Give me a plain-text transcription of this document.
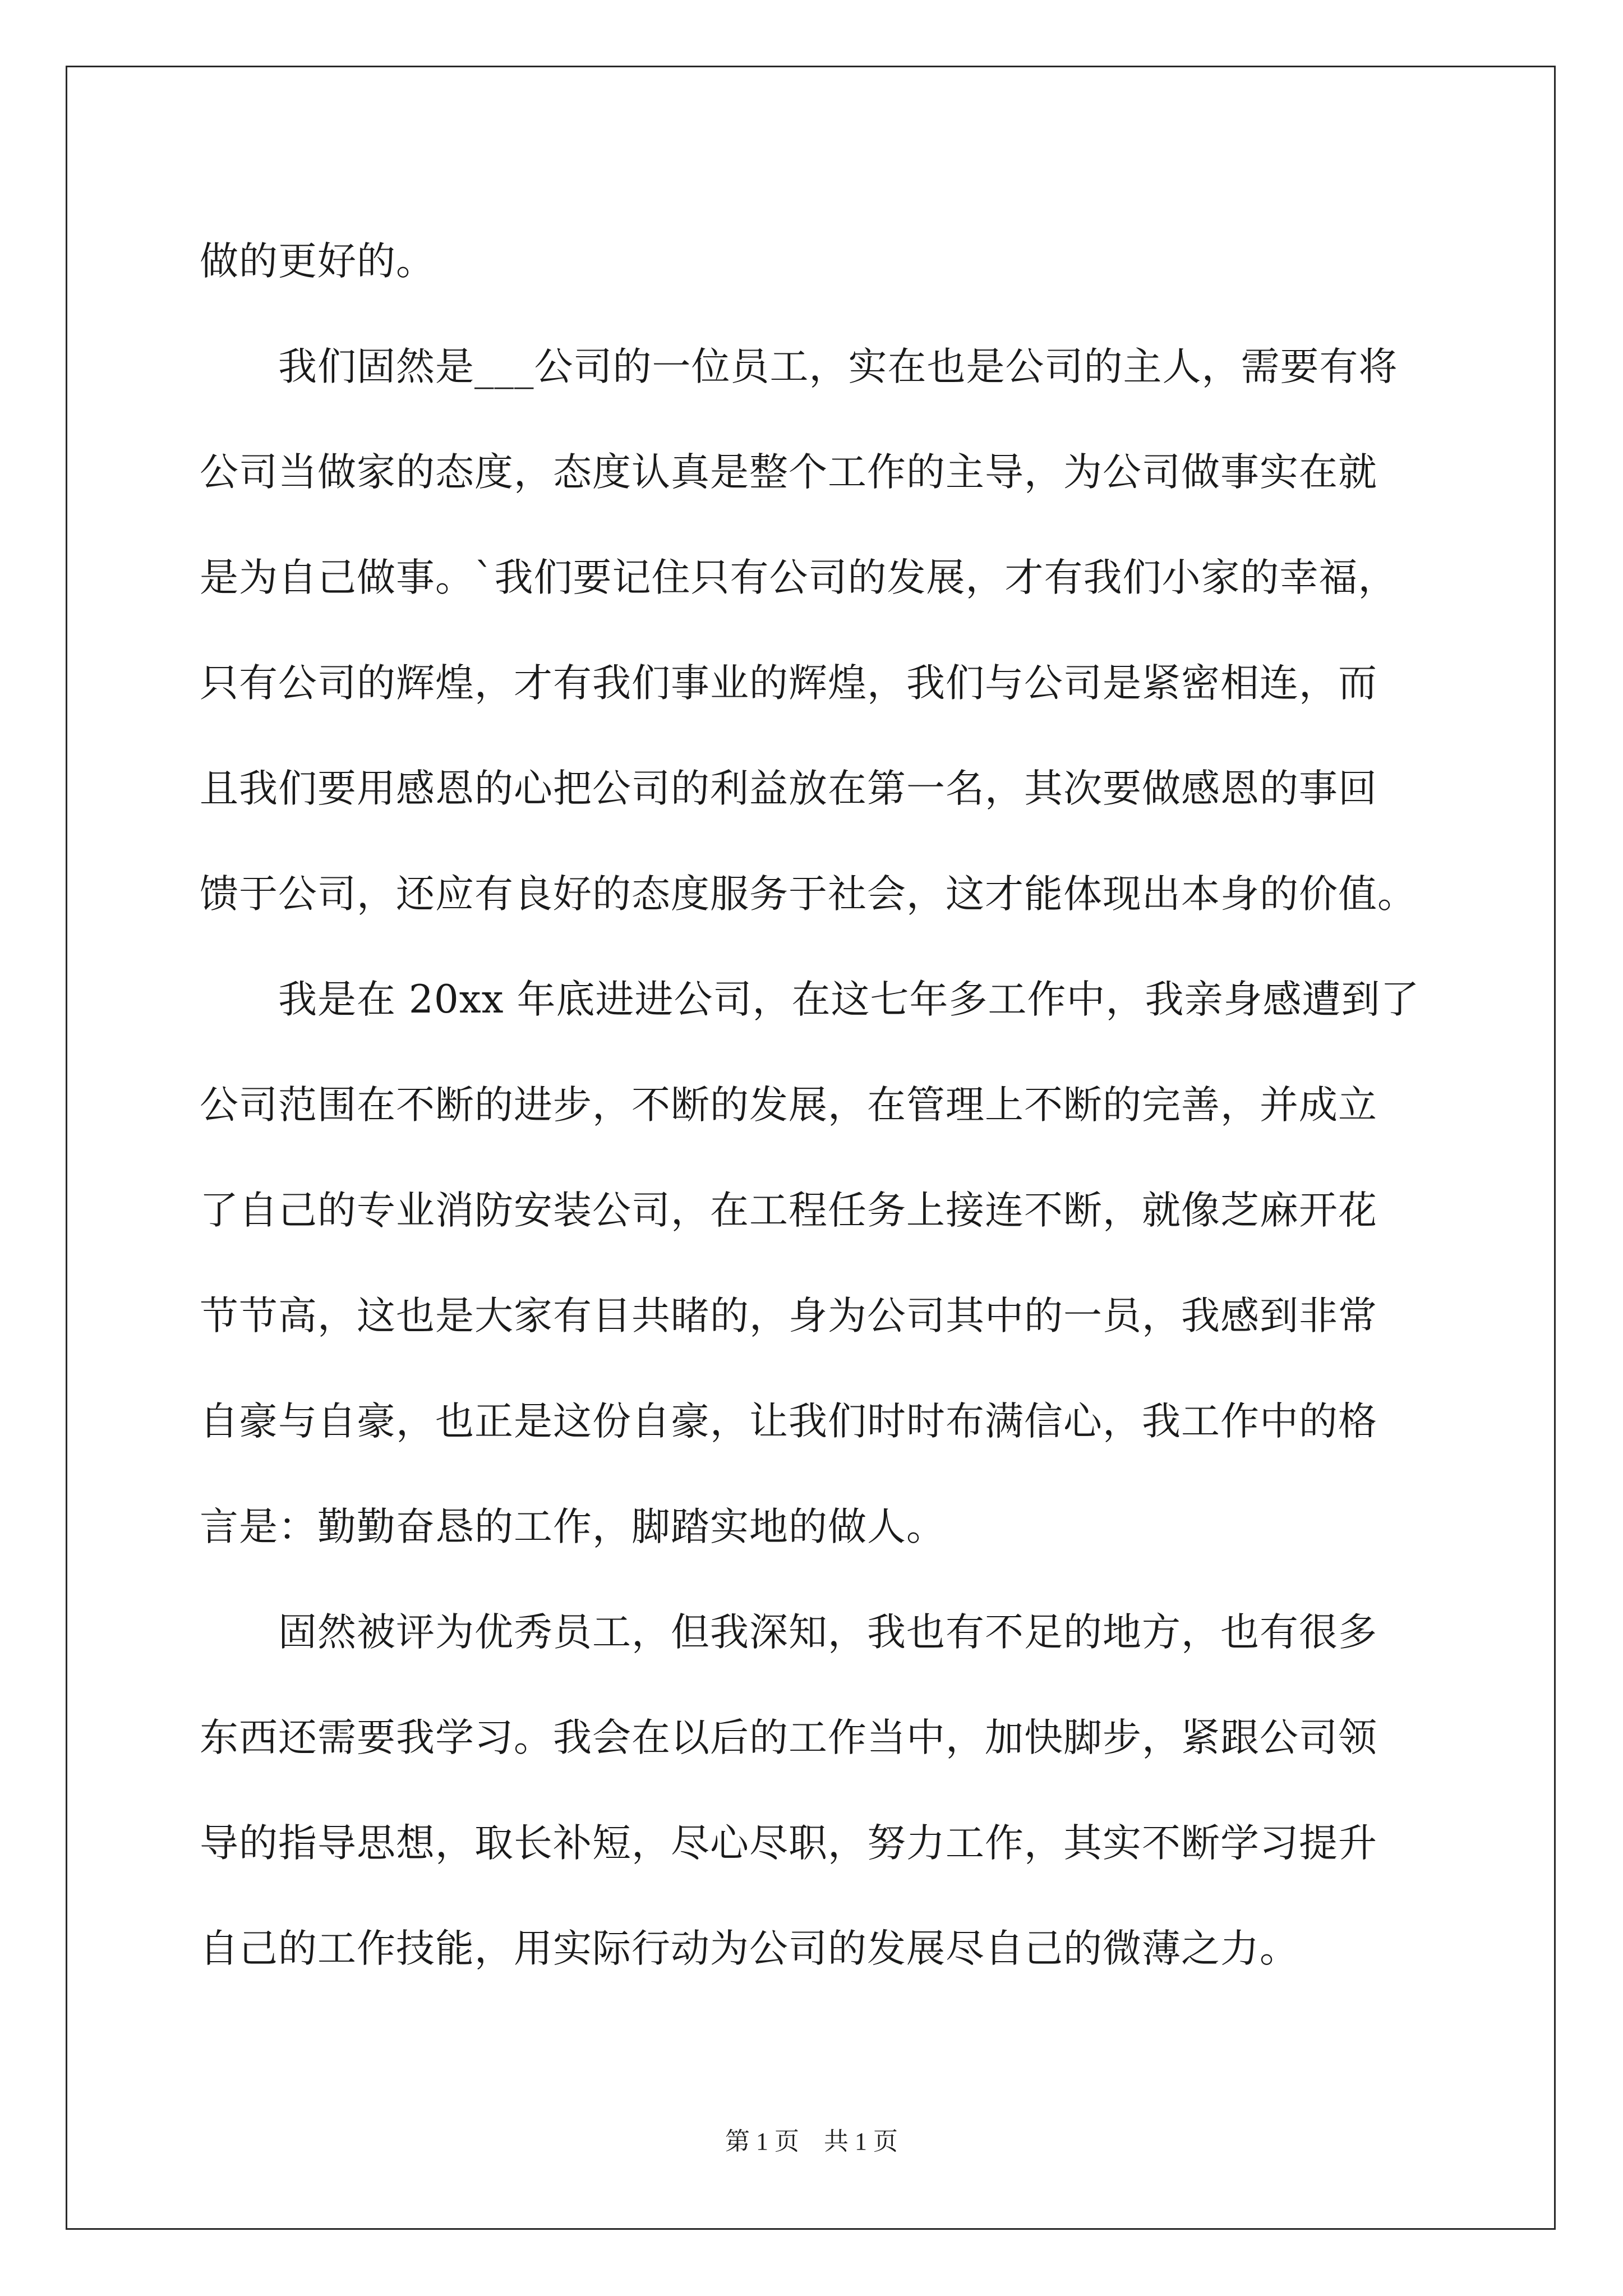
做的更好的。
　　我们固然是___公司的一位员工，实在也是公司的主人，需要有将
公司当做家的态度，态度认真是整个工作的主导，为公司做事实在就
是为自己做事。`我们要记住只有公司的发展，才有我们小家的幸福，
只有公司的辉煌，才有我们事业的辉煌，我们与公司是紧密相连，而
且我们要用感恩的心把公司的利益放在第一名，其次要做感恩的事回
馈于公司，还应有良好的态度服务于社会，这才能体现出本身的价值。
　　我是在 20xx 年底进进公司，在这七年多工作中，我亲身感遭到了
公司范围在不断的进步，不断的发展，在管理上不断的完善，并成立
了自己的专业消防安装公司，在工程任务上接连不断，就像芝麻开花
节节高，这也是大家有目共睹的，身为公司其中的一员，我感到非常
自豪与自豪，也正是这份自豪，让我们时时布满信心，我工作中的格
言是：勤勤奋恳的工作，脚踏实地的做人。
　　固然被评为优秀员工，但我深知，我也有不足的地方，也有很多
东西还需要我学习。我会在以后的工作当中，加快脚步，紧跟公司领
导的指导思想，取长补短，尽心尽职，努力工作，其实不断学习提升
自己的工作技能，用实际行动为公司的发展尽自己的微薄之力。
第 1 页　共 1 页
